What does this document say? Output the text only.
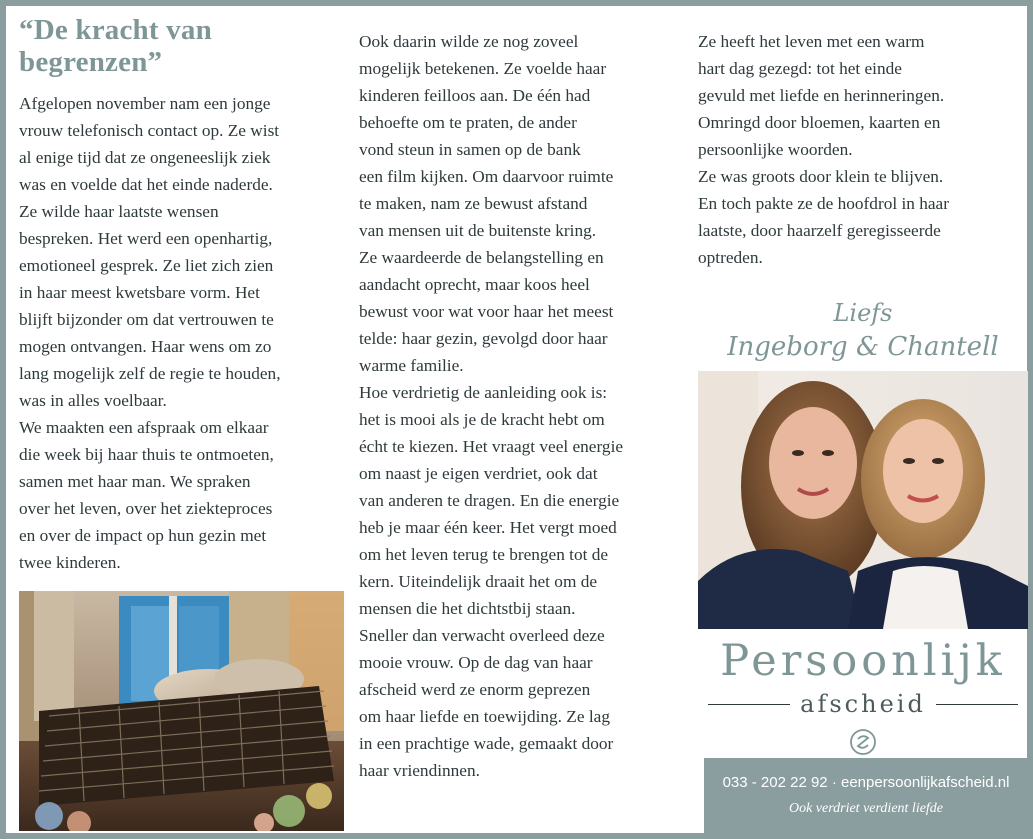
“De kracht van begrenzen”

Afgelopen november nam een jonge
vrouw telefonisch contact op. Ze wist
al enige tijd dat ze ongeneeslijk ziek
was en voelde dat het einde naderde.
Ze wilde haar laatste wensen
bespreken. Het werd een openhartig,
emotioneel gesprek. Ze liet zich zien
in haar meest kwetsbare vorm. Het
blijft bijzonder om dat vertrouwen te
mogen ontvangen. Haar wens om zo
lang mogelijk zelf de regie te houden,
was in alles voelbaar.
We maakten een afspraak om elkaar
die week bij haar thuis te ontmoeten,
samen met haar man. We spraken
over het leven, over het ziekteproces
en over de impact op hun gezin met
twee kinderen.

Ook daarin wilde ze nog zoveel
mogelijk betekenen. Ze voelde haar
kinderen feilloos aan. De één had
behoefte om te praten, de ander
vond steun in samen op de bank
een film kijken. Om daarvoor ruimte
te maken, nam ze bewust afstand
van mensen uit de buitenste kring.
Ze waardeerde de belangstelling en
aandacht oprecht, maar koos heel
bewust voor wat voor haar het meest
telde: haar gezin, gevolgd door haar
warme familie.
Hoe verdrietig de aanleiding ook is:
het is mooi als je de kracht hebt om
écht te kiezen. Het vraagt veel energie
om naast je eigen verdriet, ook dat
van anderen te dragen. En die energie
heb je maar één keer. Het vergt moed
om het leven terug te brengen tot de
kern. Uiteindelijk draait het om de
mensen die het dichtstbij staan.
Sneller dan verwacht overleed deze
mooie vrouw. Op de dag van haar
afscheid werd ze enorm geprezen
om haar liefde en toewijding. Ze lag
in een prachtige wade, gemaakt door
haar vriendinnen.

Ze heeft het leven met een warm
hart dag gezegd: tot het einde
gevuld met liefde en herinneringen.
Omringd door bloemen, kaarten en
persoonlijke woorden.
Ze was groots door klein te blijven.
En toch pakte ze de hoofdrol in haar
laatste, door haarzelf geregisseerde
optreden.

Liefs
Ingeborg & Chantell
Persoonlijk
afscheid
033 - 202 22 92 · eenpersoonlijkafscheid.nl
Ook verdriet verdient liefde
